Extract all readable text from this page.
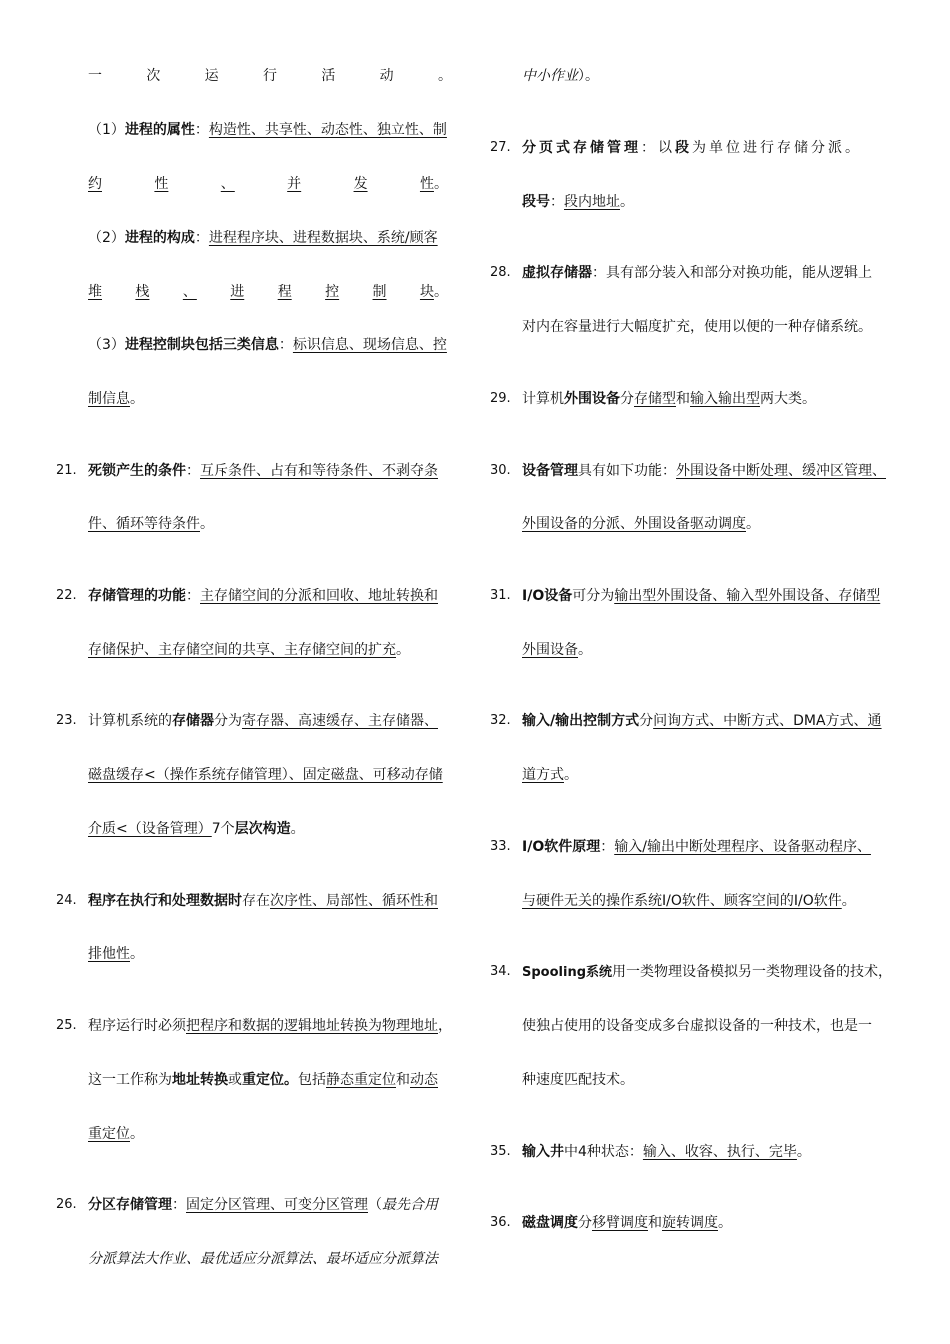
一	次	运	行	活	动	。
（1）进程的属性：构造性、共享性、动态性、独立性、制
约	性	、	并	发	性 。
（2）进程的构成：进程程序块、进程数据块、系统/顾客
堆 栈 、 进 程 控 制 块 。
（3）进程控制块包括三类信息：标识信息、现场信息、控
制信息。
21. 死锁产生的条件：互斥条件、占有和等待条件、不剥夺条
件、循环等待条件。
22. 存储管理的功能：主存储空间的分派和回收、地址转换和
存储保护、主存储空间的共享、主存储空间的扩充。
23. 计算机系统的存储器分为寄存器、高速缓存、主存储器、
磁盘缓存<（操作系统存储管理）、固定磁盘、可移动存储
介质<（设备管理）7个层次构造。
24. 程序在执行和处理数据时存在次序性、局部性、循环性和
排他性。
25. 程序运行时必须把程序和数据的逻辑地址转换为物理地址，
这一工作称为地址转换或重定位。包括静态重定位和动态
重定位。
26. 分区存储管理：固定分区管理、可变分区管理（最先合用
分派算法大作业、最优适应分派算法、最坏适应分派算法
中小作业）。
27. 分页式存储管理：以段为单位进行存储分派。
段号：段内地址。
28. 虚拟存储器：具有部分装入和部分对换功能，能从逻辑上
对内在容量进行大幅度扩充，使用以便的一种存储系统。
29. 计算机外围设备分存储型和输入输出型两大类。
30. 设备管理具有如下功能：外围设备中断处理、缓冲区管理、
外围设备的分派、外围设备驱动调度。
31. I/O设备可分为输出型外围设备、输入型外围设备、存储型
外围设备。
32. 输入/输出控制方式分问询方式、中断方式、DMA方式、通
道方式。
33. I/O软件原理：输入/输出中断处理程序、设备驱动程序、
与硬件无关的操作系统I/O软件、顾客空间的I/O软件。
34. Spooling系统用一类物理设备模拟另一类物理设备的技术，
使独占使用的设备变成多台虚拟设备的一种技术，也是一
种速度匹配技术。
35. 输入井中4种状态：输入、收容、执行、完毕。
36. 磁盘调度分移臂调度和旋转调度。
